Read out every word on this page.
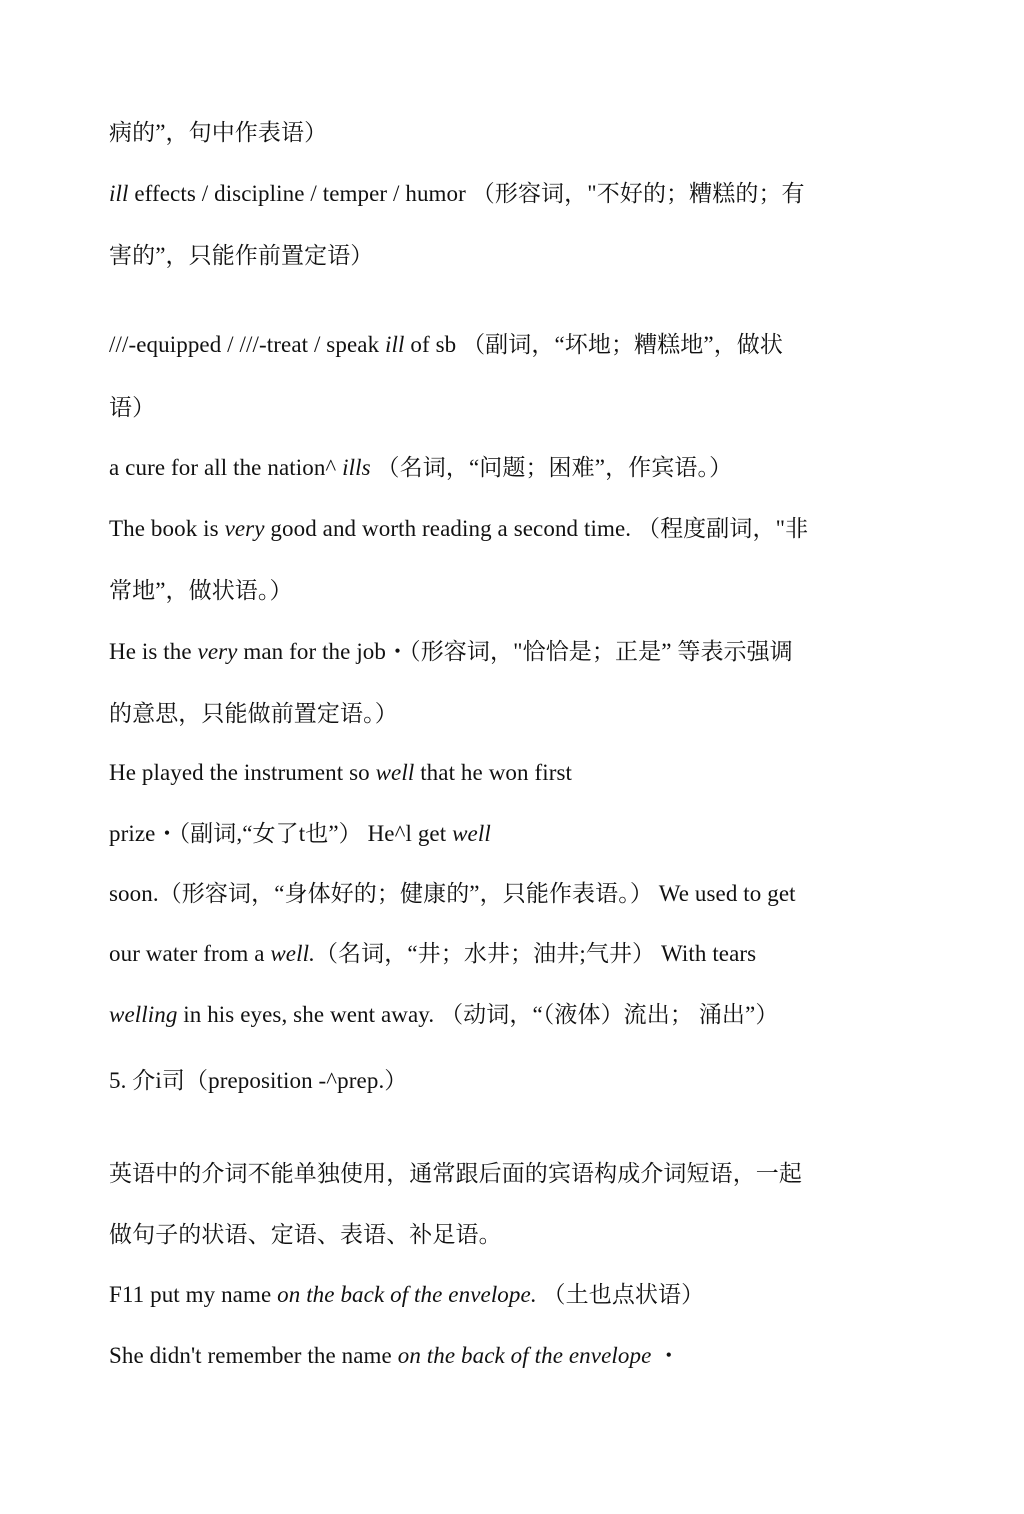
病的”，句中作表语）
ill effects / discipline / temper / humor （形容词，"不好的；糟糕的；有
害的”，只能作前置定语）
///-equipped / ///-treat / speak ill of sb （副词，“坏地；糟糕地”，做状
语）
a cure for all the nation^ ills （名词，“问题；困难”，作宾语。）
The book is very good and worth reading a second time. （程度副词，"非
常地”，做状语。）
He is the very man for the job・（形容词，"恰恰是；正是” 等表示强调
的意思，只能做前置定语。）
He played the instrument so well that he won first
prize・（副词,“女了t也”） He^l get well
soon.（形容词，“身体好的；健康的”，只能作表语。） We used to get
our water from a well.（名词，“井；水井；油井;气井） With tears
welling in his eyes, she went away. （动词，“（液体）流出； 涌出”）
5. 介i司（preposition -^prep.）
英语中的介词不能单独使用，通常跟后面的宾语构成介词短语，一起
做句子的状语、定语、表语、补足语。
F11 put my name on the back of the envelope. （土也点状语）
She didn't remember the name on the back of the envelope ・
